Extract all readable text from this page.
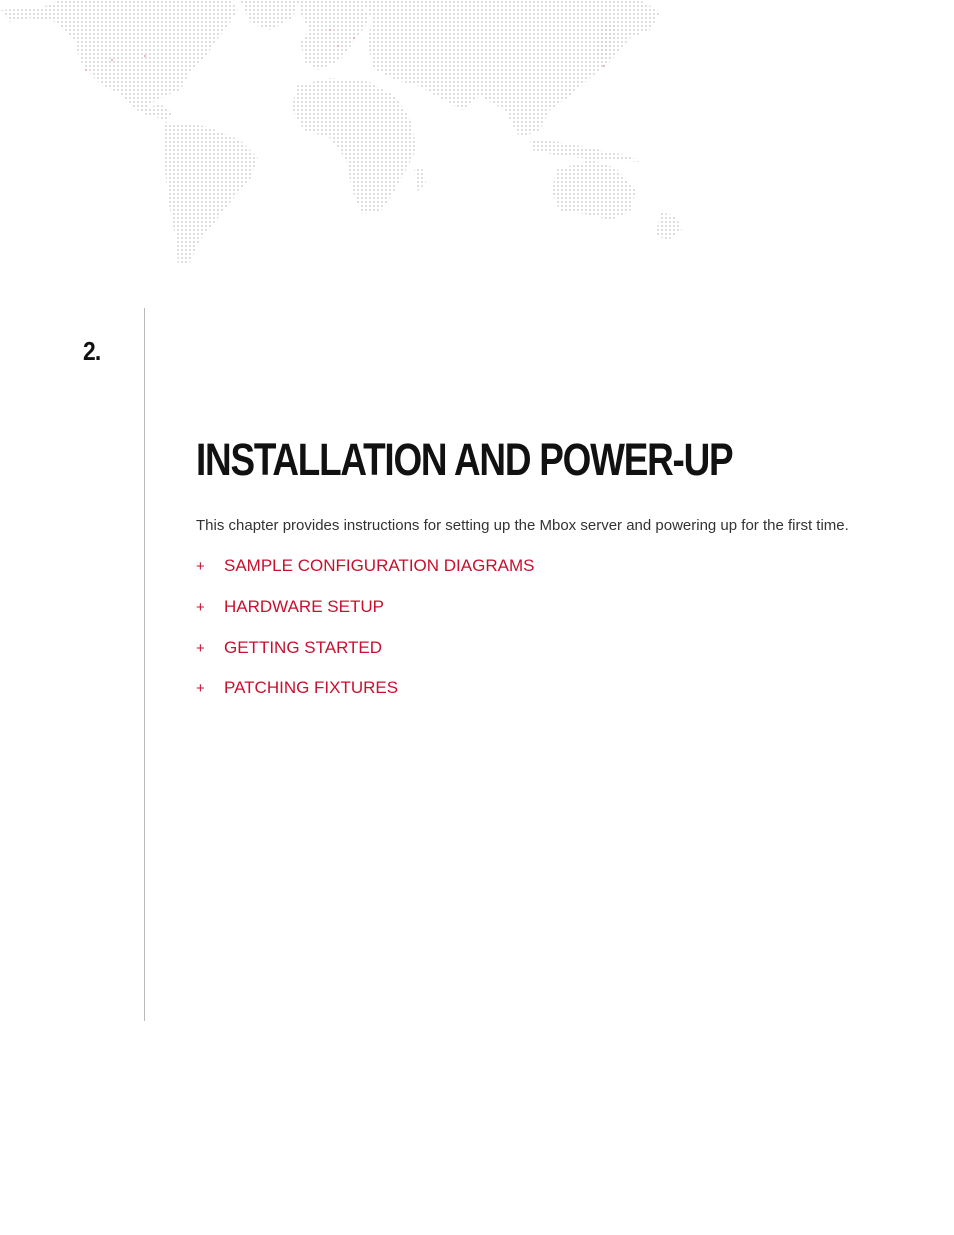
2.
INSTALLATION AND POWER-UP

This chapter provides instructions for setting up the Mbox server and powering up for the first time.

+	SAMPLE CONFIGURATION DIAGRAMS
+	HARDWARE SETUP
+	GETTING STARTED
+	PATCHING FIXTURES
